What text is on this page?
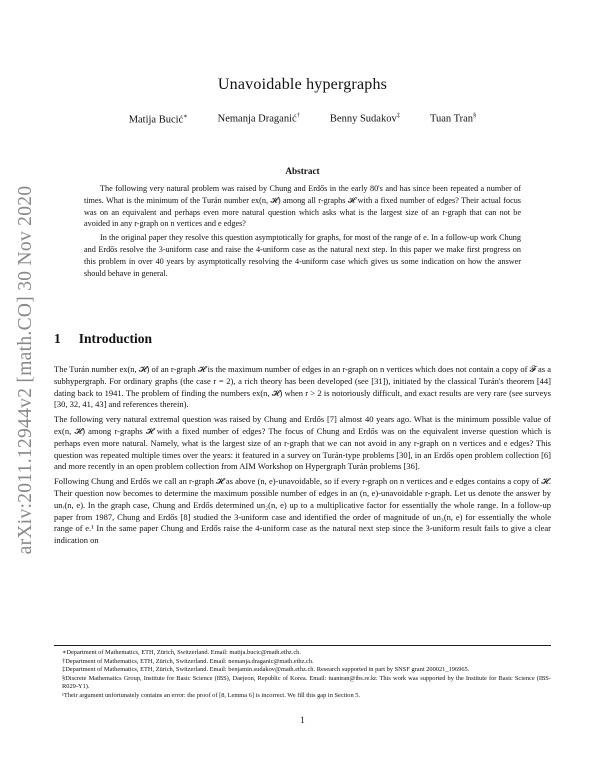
arXiv:2011.12944v2 [math.CO] 30 Nov 2020
Unavoidable hypergraphs
Matija Bucić∗	Nemanja Draganić†	Benny Sudakov‡	Tuan Tran§
Abstract

The following very natural problem was raised by Chung and Erdős in the early 80's and has since been repeated a number of times. What is the minimum of the Turán number ex(n, 𝓗) among all r-graphs 𝓗 with a fixed number of edges? Their actual focus was on an equivalent and perhaps even more natural question which asks what is the largest size of an r-graph that can not be avoided in any r-graph on n vertices and e edges?

In the original paper they resolve this question asymptotically for graphs, for most of the range of e. In a follow-up work Chung and Erdős resolve the 3-uniform case and raise the 4-uniform case as the natural next step. In this paper we make first progress on this problem in over 40 years by asymptotically resolving the 4-uniform case which gives us some indication on how the answer should behave in general.

1 Introduction

The Turán number ex(n, 𝓗) of an r-graph 𝓗 is the maximum number of edges in an r-graph on n vertices which does not contain a copy of 𝓕 as a subhypergraph. For ordinary graphs (the case r = 2), a rich theory has been developed (see [31]), initiated by the classical Turán's theorem [44] dating back to 1941. The problem of finding the numbers ex(n, 𝓗) when r > 2 is notoriously difficult, and exact results are very rare (see surveys [30, 32, 41, 43] and references therein).

The following very natural extremal question was raised by Chung and Erdős [7] almost 40 years ago. What is the minimum possible value of ex(n, 𝓗) among r-graphs 𝓗 with a fixed number of edges? The focus of Chung and Erdős was on the equivalent inverse question which is perhaps even more natural. Namely, what is the largest size of an r-graph that we can not avoid in any r-graph on n vertices and e edges? This question was repeated multiple times over the years: it featured in a survey on Turán-type problems [30], in an Erdős open problem collection [6] and more recently in an open problem collection from AIM Workshop on Hypergraph Turán problems [36].

Following Chung and Erdős we call an r-graph 𝓗 as above (n, e)-unavoidable, so if every r-graph on n vertices and e edges contains a copy of 𝓗. Their question now becomes to determine the maximum possible number of edges in an (n, e)-unavoidable r-graph. Let us denote the answer by unᵣ(n, e). In the graph case, Chung and Erdős determined un₂(n, e) up to a multiplicative factor for essentially the whole range. In a follow-up paper from 1987, Chung and Erdős [8] studied the 3-uniform case and identified the order of magnitude of un₃(n, e) for essentially the whole range of e.¹ In the same paper Chung and Erdős raise the 4-uniform case as the natural next step since the 3-uniform result fails to give a clear indication on

∗Department of Mathematics, ETH, Zürich, Switzerland. Email: matija.bucic@math.ethz.ch.
†Department of Mathematics, ETH, Zürich, Switzerland. Email: nemanja.draganic@math.ethz.ch.
‡Department of Mathematics, ETH, Zürich, Switzerland. Email: benjamin.sudakov@math.ethz.ch. Research supported in part by SNSF grant 200021_196965.
§Discrete Mathematics Group, Institute for Basic Science (IBS), Daejeon, Republic of Korea. Email: tuantran@ibs.re.kr. This work was supported by the Institute for Basic Science (IBS-R029-Y1).
¹Their argument unfortunately contains an error: the proof of [8, Lemma 6] is incorrect. We fill this gap in Section 5.
1
